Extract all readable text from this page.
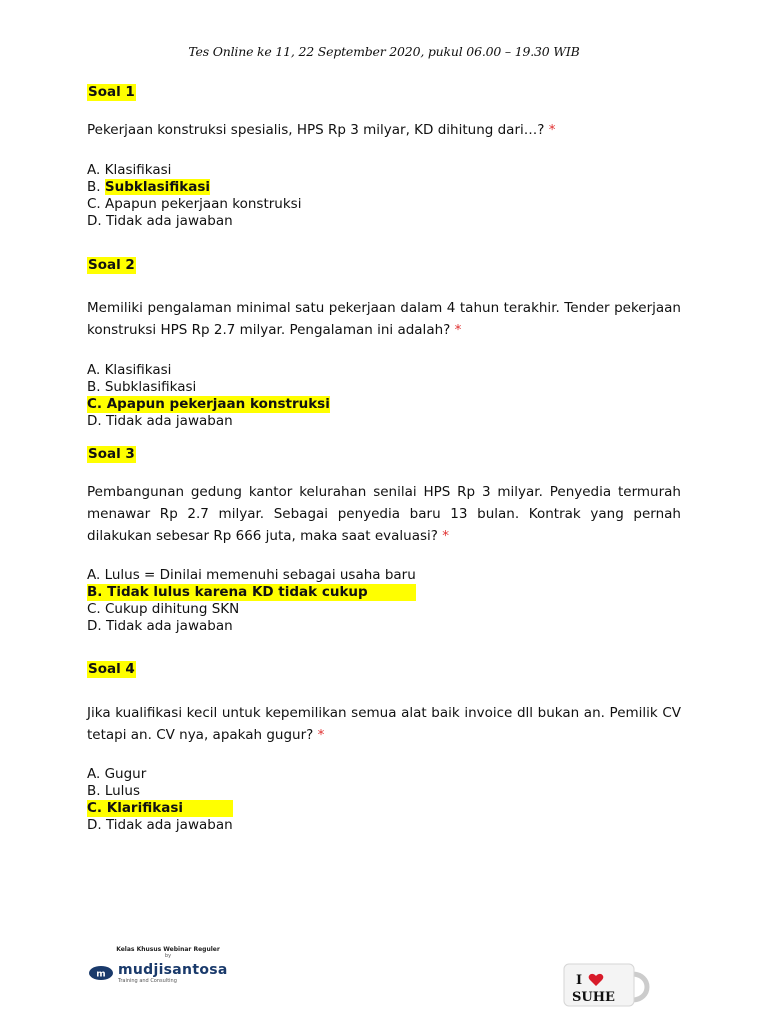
Tes Online ke 11, 22 September 2020, pukul 06.00 – 19.30 WIB
Soal 1
Pekerjaan konstruksi spesialis, HPS Rp 3 milyar, KD dihitung dari…? *
A. Klasifikasi
B. Subklasifikasi
C. Apapun pekerjaan konstruksi
D. Tidak ada jawaban
Soal 2
Memiliki pengalaman minimal satu pekerjaan dalam 4 tahun terakhir. Tender pekerjaan konstruksi HPS Rp 2.7 milyar. Pengalaman ini adalah? *
A. Klasifikasi
B. Subklasifikasi
C. Apapun pekerjaan konstruksi
D. Tidak ada jawaban
Soal 3
Pembangunan gedung kantor kelurahan senilai HPS Rp 3 milyar. Penyedia termurah menawar Rp 2.7 milyar. Sebagai penyedia baru 13 bulan. Kontrak yang pernah dilakukan sebesar Rp 666 juta, maka saat evaluasi? *
A. Lulus = Dinilai memenuhi sebagai usaha baru
B. Tidak lulus karena KD tidak cukup
C. Cukup dihitung SKN
D. Tidak ada jawaban
Soal 4
Jika kualifikasi kecil untuk kepemilikan semua alat baik invoice dll bukan an. Pemilik CV tetapi an. CV nya, apakah gugur? *
A. Gugur
B. Lulus
C. Klarifikasi
D. Tidak ada jawaban
Kelas Khusus Webinar Reguler
by
m mudjisantosa
Training and Consulting	I
SUHE
